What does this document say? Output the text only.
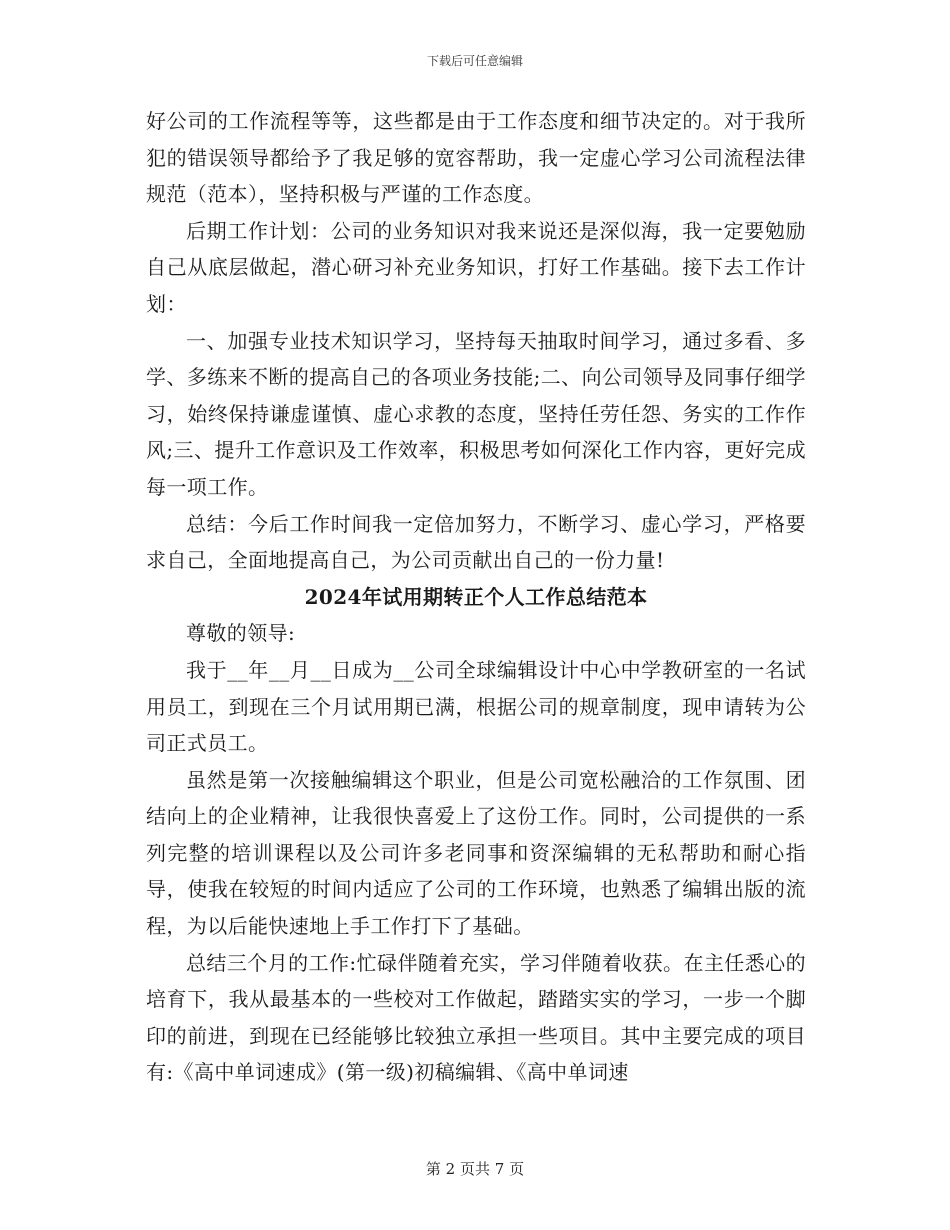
下载后可任意编辑

好公司的工作流程等等，这些都是由于工作态度和细节决定的。对于我所犯的错误领导都给予了我足够的宽容帮助，我一定虚心学习公司流程法律规范（范本），坚持积极与严谨的工作态度。

后期工作计划：公司的业务知识对我来说还是深似海，我一定要勉励自己从底层做起，潜心研习补充业务知识，打好工作基础。接下去工作计划：

一、加强专业技术知识学习，坚持每天抽取时间学习，通过多看、多学、多练来不断的提高自己的各项业务技能;二、向公司领导及同事仔细学习，始终保持谦虚谨慎、虚心求教的态度，坚持任劳任怨、务实的工作作风;三、提升工作意识及工作效率，积极思考如何深化工作内容，更好完成每一项工作。

总结：今后工作时间我一定倍加努力，不断学习、虚心学习，严格要求自己，全面地提高自己，为公司贡献出自己的一份力量!

2024年试用期转正个人工作总结范本

尊敬的领导:

我于__年__月__日成为__公司全球编辑设计中心中学教研室的一名试用员工，到现在三个月试用期已满，根据公司的规章制度，现申请转为公司正式员工。

虽然是第一次接触编辑这个职业，但是公司宽松融洽的工作氛围、团结向上的企业精神，让我很快喜爱上了这份工作。同时，公司提供的一系列完整的培训课程以及公司许多老同事和资深编辑的无私帮助和耐心指导，使我在较短的时间内适应了公司的工作环境，也熟悉了编辑出版的流程，为以后能快速地上手工作打下了基础。

总结三个月的工作:忙碌伴随着充实，学习伴随着收获。在主任悉心的培育下，我从最基本的一些校对工作做起，踏踏实实的学习，一步一个脚印的前进，到现在已经能够比较独立承担一些项目。其中主要完成的项目有:《高中单词速成》(第一级)初稿编辑、《高中单词速

第 2 页共 7 页
